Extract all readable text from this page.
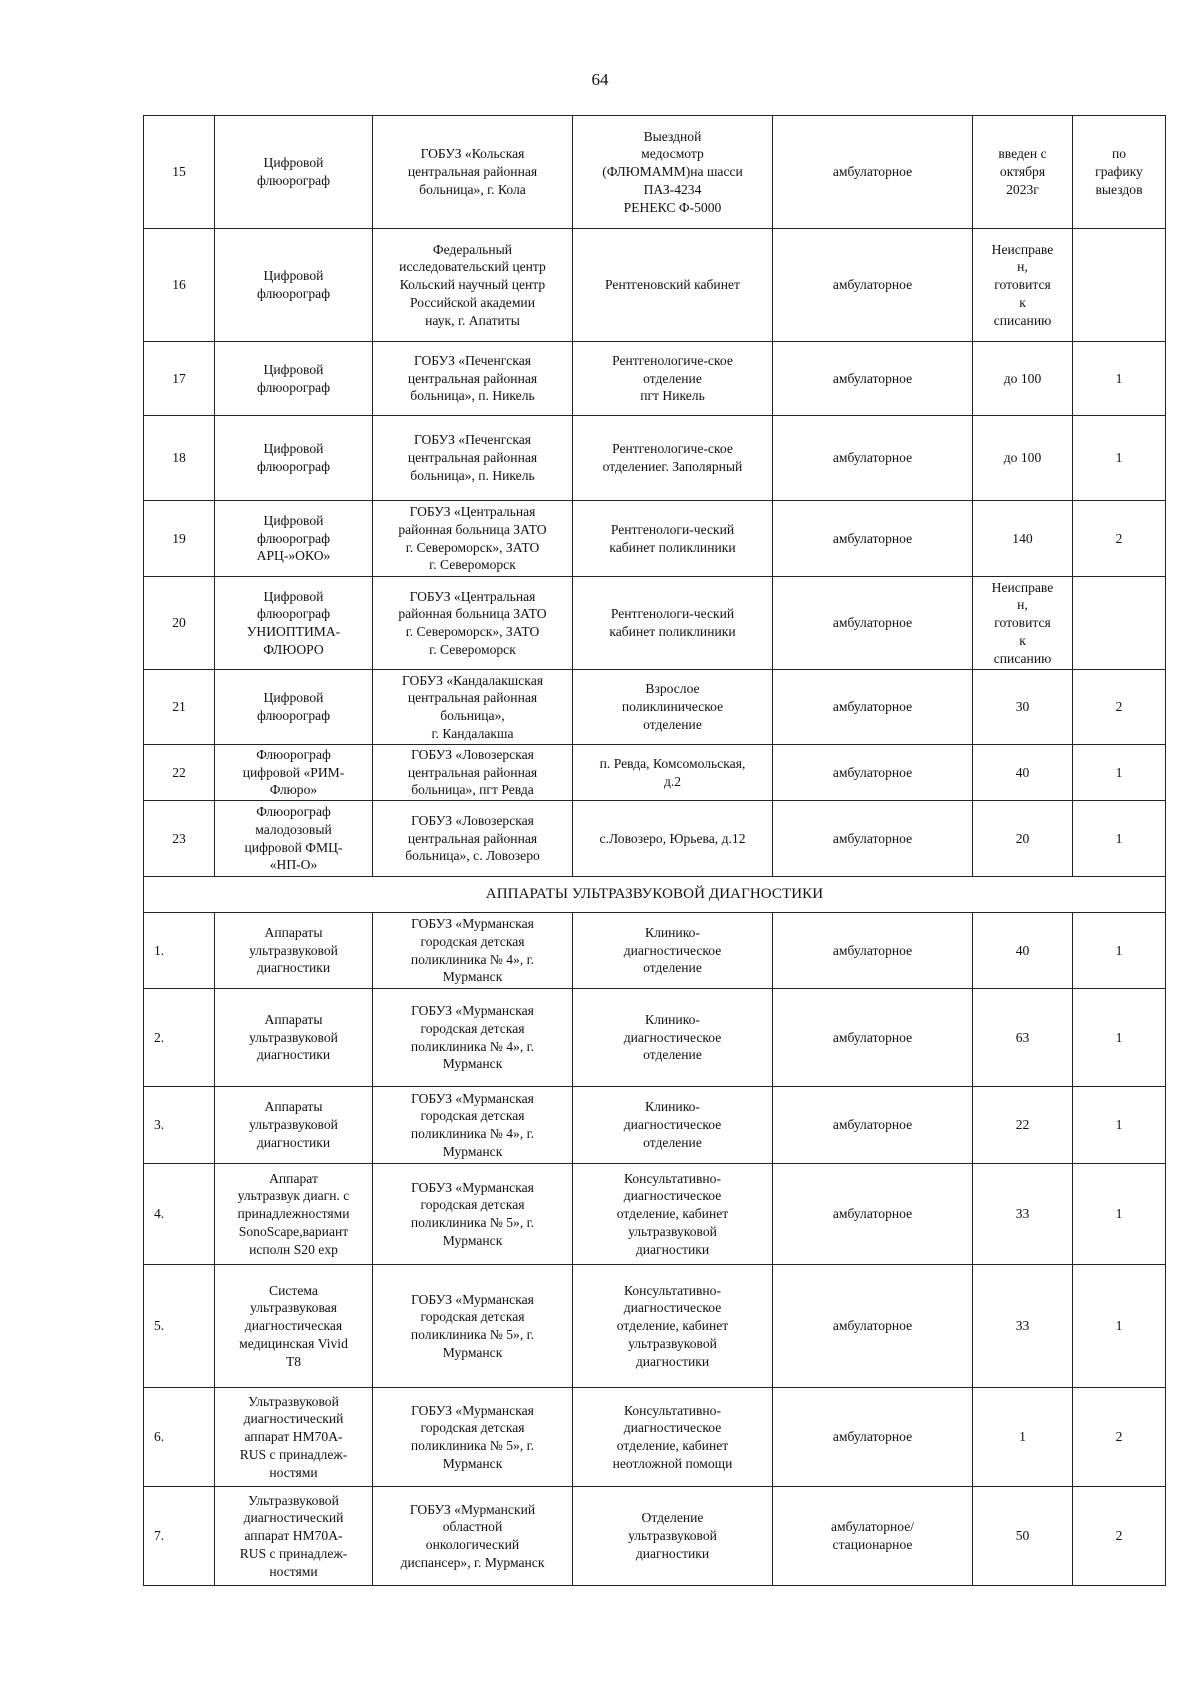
64
15	Цифровой
флюорограф	ГОБУЗ «Кольская
центральная районная
больница», г. Кола	Выездной
медосмотр
(ФЛЮМАММ)на шасси
ПАЗ-4234
РЕНЕКС Ф-5000	амбулаторное	введен с
октября
2023г	по
графику
выездов
16	Цифровой
флюорограф	Федеральный
исследовательский центр
Кольский научный центр
Российской академии
наук, г. Апатиты	Рентгеновский кабинет	амбулаторное	Неисправе
н,
готовится
к
списанию	
17	Цифровой
флюорограф	ГОБУЗ «Печенгская
центральная районная
больница», п. Никель	Рентгенологиче-ское
отделение
пгт Никель	амбулаторное	до 100	1
18	Цифровой
флюорограф	ГОБУЗ «Печенгская
центральная районная
больница», п. Никель	Рентгенологиче-ское
отделениег. Заполярный	амбулаторное	до 100	1
19	Цифровой
флюорограф
АРЦ-»ОКО»	ГОБУЗ «Центральная
районная больница ЗАТО
г. Североморск», ЗАТО
г. Североморск	Рентгенологи-ческий
кабинет поликлиники	амбулаторное	140	2
20	Цифровой
флюорограф
УНИОПТИМА-
ФЛЮОРО	ГОБУЗ «Центральная
районная больница ЗАТО
г. Североморск», ЗАТО
г. Североморск	Рентгенологи-ческий
кабинет поликлиники	амбулаторное	Неисправе
н,
готовится
к
списанию	
21	Цифровой
флюорограф	ГОБУЗ «Кандалакшская
центральная районная
больница»,
г. Кандалакша	Взрослое
поликлиническое
отделение	амбулаторное	30	2
22	Флюорограф
цифровой «РИМ-
Флюро»	ГОБУЗ «Ловозерская
центральная районная
больница», пгт Ревда	п. Ревда, Комсомольская,
д.2	амбулаторное	40	1
23	Флюорограф
малодозовый
цифровой ФМЦ-
«НП-О»	ГОБУЗ «Ловозерская
центральная районная
больница», с. Ловозеро	с.Ловозеро, Юрьева, д.12	амбулаторное	20	1
АППАРАТЫ УЛЬТРАЗВУКОВОЙ ДИАГНОСТИКИ						
1.	Аппараты
ультразвуковой
диагностики	ГОБУЗ «Мурманская
городская детская
поликлиника № 4», г.
Мурманск	Клинико-
диагностическое
отделение	амбулаторное	40	1
2.	Аппараты
ультразвуковой
диагностики	ГОБУЗ «Мурманская
городская детская
поликлиника № 4», г.
Мурманск	Клинико-
диагностическое
отделение	амбулаторное	63	1
3.	Аппараты
ультразвуковой
диагностики	ГОБУЗ «Мурманская
городская детская
поликлиника № 4», г.
Мурманск	Клинико-
диагностическое
отделение	амбулаторное	22	1
4.	Аппарат
ультразвук диагн. с
принадлежностями
SonoScape,вариант
исполн S20 exp	ГОБУЗ «Мурманская
городская детская
поликлиника № 5», г.
Мурманск	Консультативно-
диагностическое
отделение, кабинет
ультразвуковой
диагностики	амбулаторное	33	1
5.	Система
ультразвуковая
диагностическая
медицинская Vivid
T8	ГОБУЗ «Мурманская
городская детская
поликлиника № 5», г.
Мурманск	Консультативно-
диагностическое
отделение, кабинет
ультразвуковой
диагностики	амбулаторное	33	1
6.	Ультразвуковой
диагностический
аппарат HM70A-
RUS с принадлеж-
ностями	ГОБУЗ «Мурманская
городская детская
поликлиника № 5», г.
Мурманск	Консультативно-
диагностическое
отделение, кабинет
неотложной помощи	амбулаторное	1	2
7.	Ультразвуковой
диагностический
аппарат HM70A-
RUS с принадлеж-
ностями	ГОБУЗ «Мурманский
областной
онкологический
диспансер», г. Мурманск	Отделение
ультразвуковой
диагностики	амбулаторное/
стационарное	50	2
